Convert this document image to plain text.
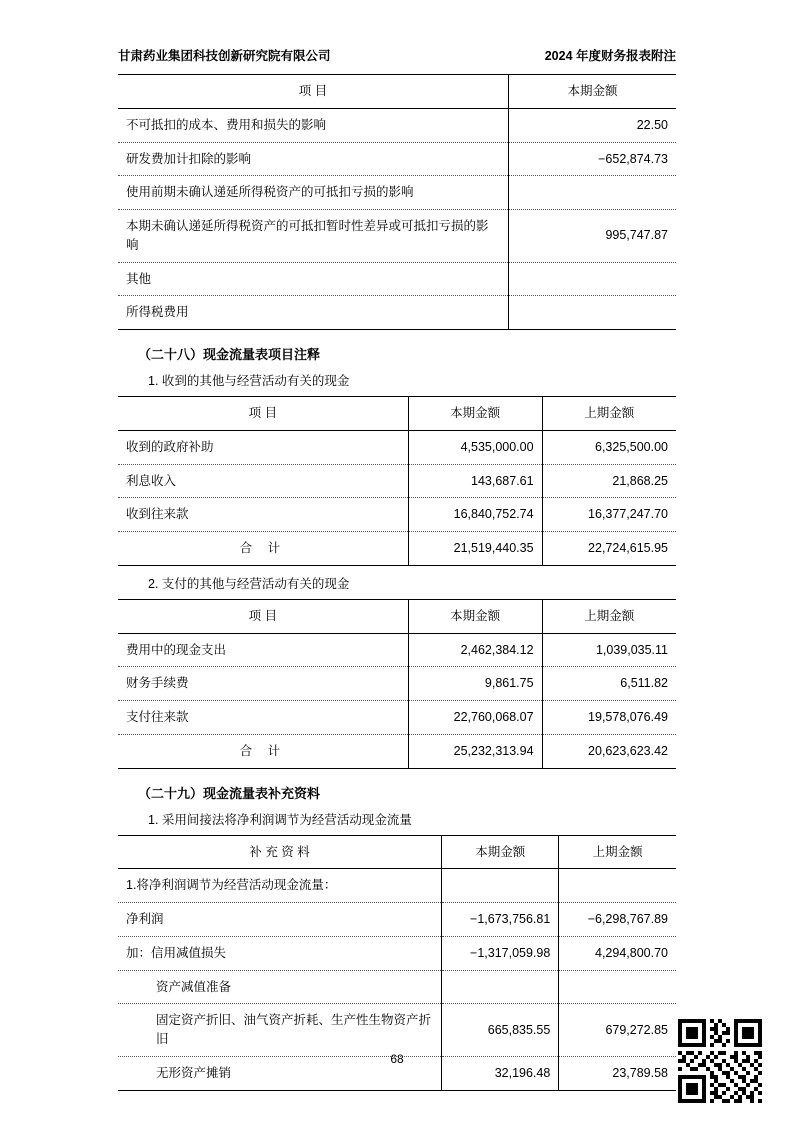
甘肃药业集团科技创新研究院有限公司	2024 年度财务报表附注
项 目	本期金额
不可抵扣的成本、费用和损失的影响	22.50
研发费加计扣除的影响	−652,874.73
使用前期未确认递延所得税资产的可抵扣亏损的影响	
本期未确认递延所得税资产的可抵扣暂时性差异或可抵扣亏损的影响	995,747.87
其他	
所得税费用	
（二十八）现金流量表项目注释
1. 收到的其他与经营活动有关的现金
项 目	本期金额	上期金额
收到的政府补助	4,535,000.00	6,325,500.00
利息收入	143,687.61	21,868.25
收到往来款	16,840,752.74	16,377,247.70
合 计	21,519,440.35	22,724,615.95
2. 支付的其他与经营活动有关的现金
项 目	本期金额	上期金额
费用中的现金支出	2,462,384.12	1,039,035.11
财务手续费	9,861.75	6,511.82
支付往来款	22,760,068.07	19,578,076.49
合 计	25,232,313.94	20,623,623.42
（二十九）现金流量表补充资料
1. 采用间接法将净利润调节为经营活动现金流量
补 充 资 料	本期金额	上期金额
1.将净利润调节为经营活动现金流量：		
净利润	−1,673,756.81	−6,298,767.89
加：信用减值损失	−1,317,059.98	4,294,800.70
资产减值准备		
固定资产折旧、油气资产折耗、生产性生物资产折旧	665,835.55	679,272.85
无形资产摊销	32,196.48	23,789.58
68
